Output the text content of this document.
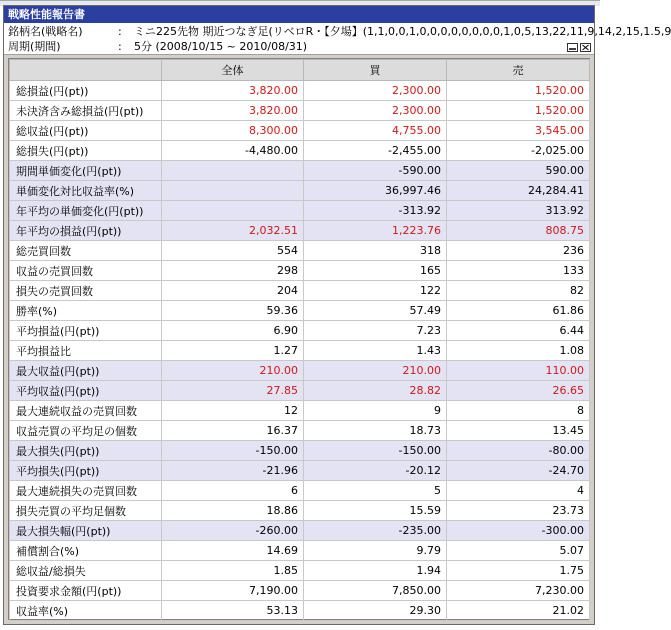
戦略性能報告書
銘柄名(戦略名)	: ミニ225先物 期近つなぎ足(リベロR・【夕場】(1,1,0,0,1,0,0,0,0,0,0,0,0,1,0,5,13,22,11,9,14,2,15,1.5,9
周期(期間)	: 5分 (2008/10/15 ~ 2010/08/31)
	全体	買	売
総損益(円(pt))	3,820.00	2,300.00	1,520.00
未決済含み総損益(円(pt))	3,820.00	2,300.00	1,520.00
総収益(円(pt))	8,300.00	4,755.00	3,545.00
総損失(円(pt))	-4,480.00	-2,455.00	-2,025.00
期間単価変化(円(pt))		-590.00	590.00
単価変化対比収益率(%)		36,997.46	24,284.41
年平均の単価変化(円(pt))		-313.92	313.92
年平均の損益(円(pt))	2,032.51	1,223.76	808.75
総売買回数	554	318	236
収益の売買回数	298	165	133
損失の売買回数	204	122	82
勝率(%)	59.36	57.49	61.86
平均損益(円(pt))	6.90	7.23	6.44
平均損益比	1.27	1.43	1.08
最大収益(円(pt))	210.00	210.00	110.00
平均収益(円(pt))	27.85	28.82	26.65
最大連続収益の売買回数	12	9	8
収益売買の平均足の個数	16.37	18.73	13.45
最大損失(円(pt))	-150.00	-150.00	-80.00
平均損失(円(pt))	-21.96	-20.12	-24.70
最大連続損失の売買回数	6	5	4
損失売買の平均足個数	18.86	15.59	23.73
最大損失幅(円(pt))	-260.00	-235.00	-300.00
補償割合(%)	14.69	9.79	5.07
総収益/総損失	1.85	1.94	1.75
投資要求金額(円(pt))	7,190.00	7,850.00	7,230.00
収益率(%)	53.13	29.30	21.02
